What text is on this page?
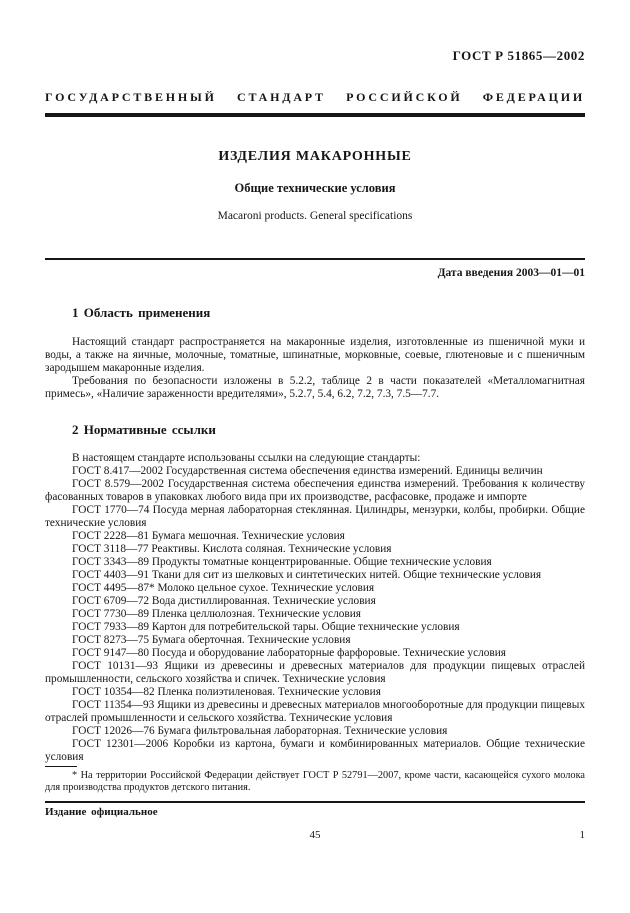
ГОСТ Р 51865—2002
ГОСУДАРСТВЕННЫЙ СТАНДАРТ РОССИЙСКОЙ ФЕДЕРАЦИИ
ИЗДЕЛИЯ МАКАРОННЫЕ
Общие технические условия
Macaroni products. General specifications
Дата введения 2003—01—01
1 Область применения

Настоящий стандарт распространяется на макаронные изделия, изготовленные из пшеничной муки и воды, а также на яичные, молочные, томатные, шпинатные, морковные, соевые, глютеновые и с пшеничным зародышем макаронные изделия.

Требования по безопасности изложены в 5.2.2, таблице 2 в части показателей «Металломагнитная примесь», «Наличие зараженности вредителями», 5.2.7, 5.4, 6.2, 7.2, 7.3, 7.5—7.7.

2 Нормативные ссылки

В настоящем стандарте использованы ссылки на следующие стандарты:

ГОСТ 8.417—2002 Государственная система обеспечения единства измерений. Единицы величин

ГОСТ 8.579—2002 Государственная система обеспечения единства измерений. Требования к количеству фасованных товаров в упаковках любого вида при их производстве, расфасовке, продаже и импорте

ГОСТ 1770—74 Посуда мерная лабораторная стеклянная. Цилиндры, мензурки, колбы, пробирки. Общие технические условия

ГОСТ 2228—81 Бумага мешочная. Технические условия

ГОСТ 3118—77 Реактивы. Кислота соляная. Технические условия

ГОСТ 3343—89 Продукты томатные концентрированные. Общие технические условия

ГОСТ 4403—91 Ткани для сит из шелковых и синтетических нитей. Общие технические условия

ГОСТ 4495—87* Молоко цельное сухое. Технические условия

ГОСТ 6709—72 Вода дистиллированная. Технические условия

ГОСТ 7730—89 Пленка целлюлозная. Технические условия

ГОСТ 7933—89 Картон для потребительской тары. Общие технические условия

ГОСТ 8273—75 Бумага оберточная. Технические условия

ГОСТ 9147—80 Посуда и оборудование лабораторные фарфоровые. Технические условия

ГОСТ 10131—93 Ящики из древесины и древесных материалов для продукции пищевых отраслей промышленности, сельского хозяйства и спичек. Технические условия

ГОСТ 10354—82 Пленка полиэтиленовая. Технические условия

ГОСТ 11354—93 Ящики из древесины и древесных материалов многооборотные для продукции пищевых отраслей промышленности и сельского хозяйства. Технические условия

ГОСТ 12026—76 Бумага фильтровальная лабораторная. Технические условия

ГОСТ 12301—2006 Коробки из картона, бумаги и комбинированных материалов. Общие технические условия

* На территории Российской Федерации действует ГОСТ Р 52791—2007, кроме части, касающейся сухого молока для производства продуктов детского питания.

Издание официальное
45	1
